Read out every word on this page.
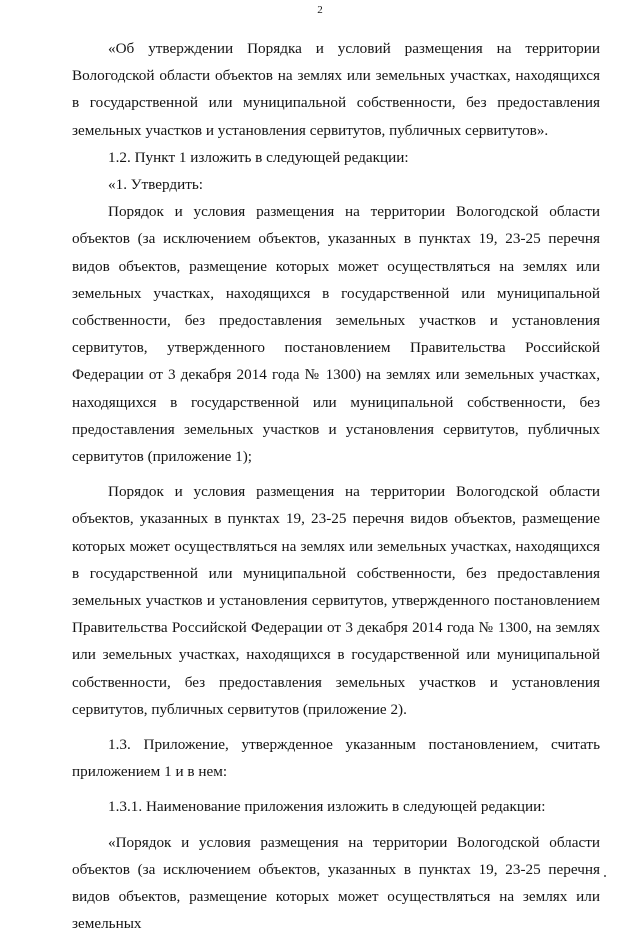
2

«Об утверждении Порядка и условий размещения на территории Вологодской области объектов на землях или земельных участках, находящихся в государственной или муниципальной собственности, без предоставления земельных участков и установления сервитутов, публичных сервитутов».

1.2. Пункт 1 изложить в следующей редакции:

«1. Утвердить:

Порядок и условия размещения на территории Вологодской области объектов (за исключением объектов, указанных в пунктах 19, 23-25 перечня видов объектов, размещение которых может осуществляться на землях или земельных участках, находящихся в государственной или муниципальной собственности, без предоставления земельных участков и установления сервитутов, утвержденного постановлением Правительства Российской Федерации от 3 декабря 2014 года № 1300) на землях или земельных участках, находящихся в государственной или муниципальной собственности, без предоставления земельных участков и установления сервитутов, публичных сервитутов (приложение 1);

Порядок и условия размещения на территории Вологодской области объектов, указанных в пунктах 19, 23-25 перечня видов объектов, размещение которых может осуществляться на землях или земельных участках, находящихся в государственной или муниципальной собственности, без предоставления земельных участков и установления сервитутов, утвержденного постановлением Правительства Российской Федерации от 3 декабря 2014 года № 1300, на землях или земельных участках, находящихся в государственной или муниципальной собственности, без предоставления земельных участков и установления сервитутов, публичных сервитутов (приложение 2).

1.3. Приложение, утвержденное указанным постановлением, считать приложением 1 и в нем:

1.3.1. Наименование приложения изложить в следующей редакции:

«Порядок и условия размещения на территории Вологодской области объектов (за исключением объектов, указанных в пунктах 19, 23-25 перечня видов объектов, размещение которых может осуществляться на землях или земельных
